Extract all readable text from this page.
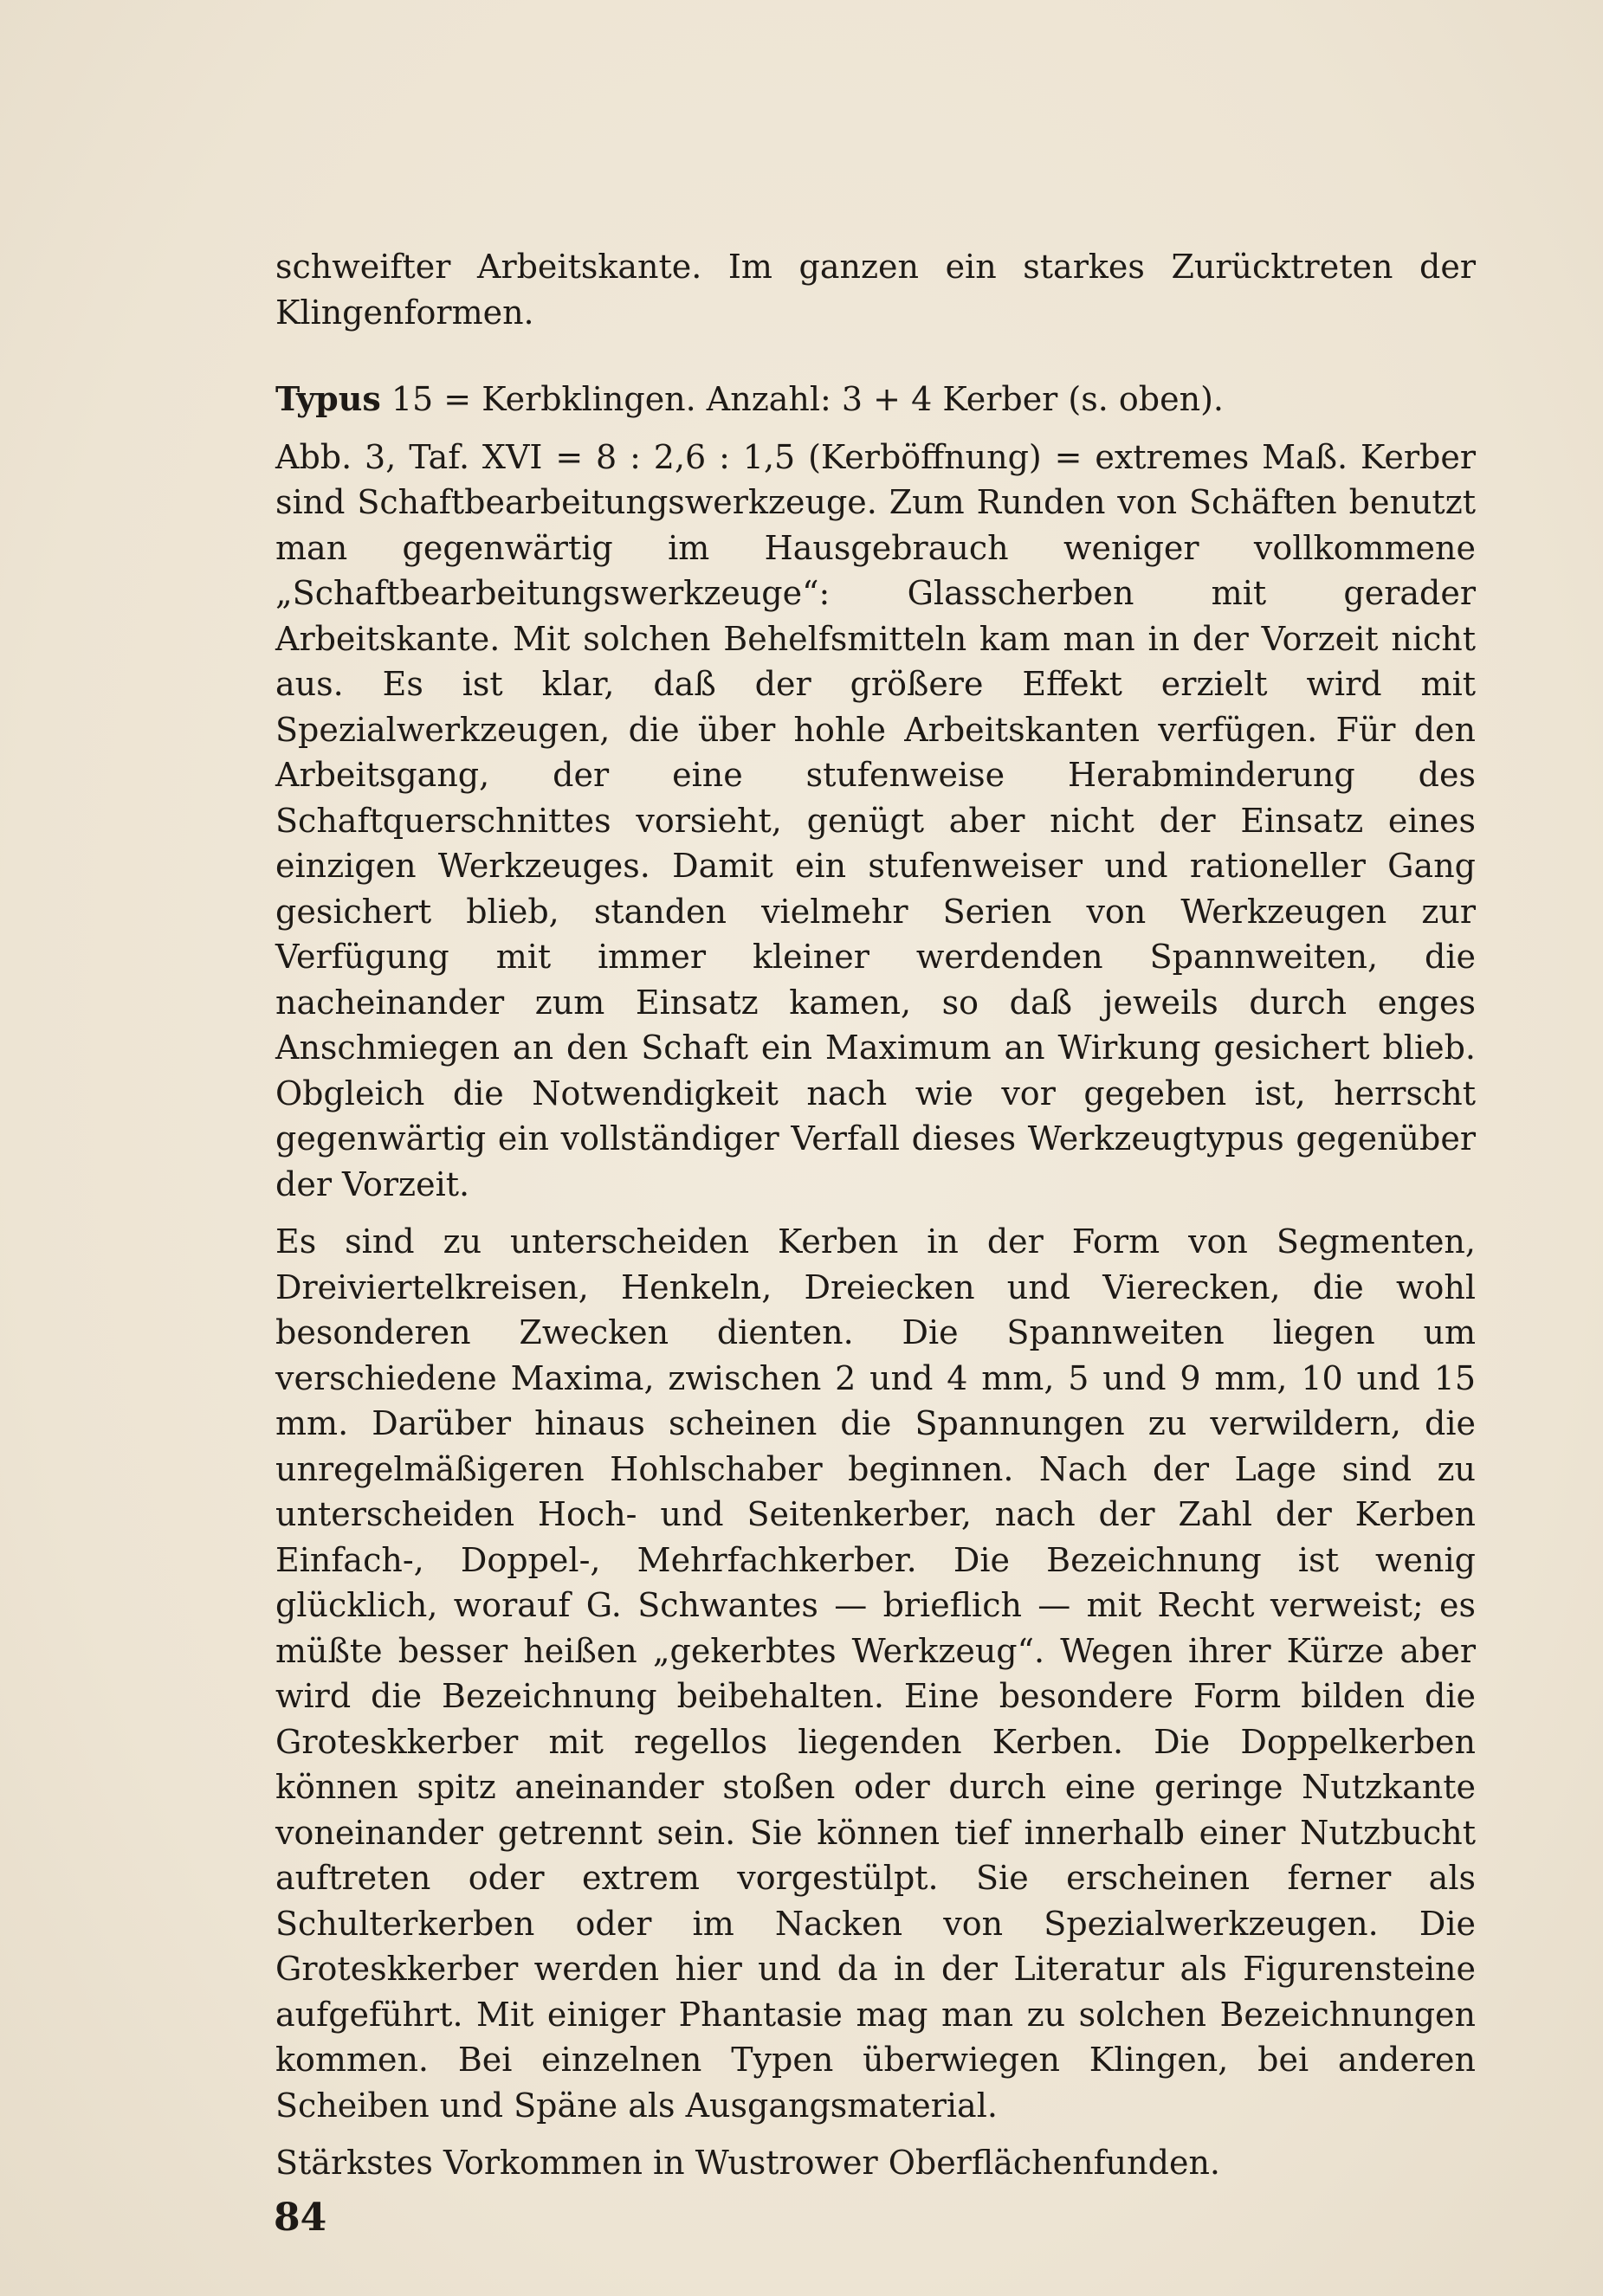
schweifter Arbeitskante. Im ganzen ein starkes Zurücktreten der Klingenformen.

Typus 15 = Kerbklingen. Anzahl: 3 + 4 Kerber (s. oben).

Abb. 3, Taf. XVI = 8 : 2,6 : 1,5 (Kerböffnung) = extremes Maß. Kerber sind Schaftbearbeitungswerkzeuge. Zum Runden von Schäften benutzt man gegenwärtig im Hausgebrauch weniger vollkommene „Schaftbearbeitungswerkzeuge“: Glasscherben mit gerader Arbeitskante. Mit solchen Behelfsmitteln kam man in der Vorzeit nicht aus. Es ist klar, daß der größere Effekt erzielt wird mit Spezialwerkzeugen, die über hohle Arbeitskanten verfügen. Für den Arbeitsgang, der eine stufenweise Herabminderung des Schaftquerschnittes vorsieht, genügt aber nicht der Einsatz eines einzigen Werkzeuges. Damit ein stufenweiser und rationeller Gang gesichert blieb, standen vielmehr Serien von Werkzeugen zur Verfügung mit immer kleiner werdenden Spannweiten, die nacheinander zum Einsatz kamen, so daß jeweils durch enges Anschmiegen an den Schaft ein Maximum an Wirkung gesichert blieb. Obgleich die Notwendigkeit nach wie vor gegeben ist, herrscht gegenwärtig ein vollständiger Verfall dieses Werkzeugtypus gegenüber der Vorzeit.

Es sind zu unterscheiden Kerben in der Form von Segmenten, Dreiviertelkreisen, Henkeln, Dreiecken und Vierecken, die wohl besonderen Zwecken dienten. Die Spannweiten liegen um verschiedene Maxima, zwischen 2 und 4 mm, 5 und 9 mm, 10 und 15 mm. Darüber hinaus scheinen die Spannungen zu verwildern, die unregelmäßigeren Hohlschaber beginnen. Nach der Lage sind zu unterscheiden Hoch- und Seitenkerber, nach der Zahl der Kerben Einfach-, Doppel-, Mehrfachkerber. Die Bezeichnung ist wenig glücklich, worauf G. Schwantes — brieflich — mit Recht verweist; es müßte besser heißen „gekerbtes Werkzeug“. Wegen ihrer Kürze aber wird die Bezeichnung beibehalten. Eine besondere Form bilden die Groteskkerber mit regellos liegenden Kerben. Die Doppelkerben können spitz aneinander stoßen oder durch eine geringe Nutzkante voneinander getrennt sein. Sie können tief innerhalb einer Nutzbucht auftreten oder extrem vorgestülpt. Sie erscheinen ferner als Schulterkerben oder im Nacken von Spezialwerkzeugen. Die Groteskkerber werden hier und da in der Literatur als Figurensteine aufgeführt. Mit einiger Phantasie mag man zu solchen Bezeichnungen kommen. Bei einzelnen Typen überwiegen Klingen, bei anderen Scheiben und Späne als Ausgangsmaterial.

Stärkstes Vorkommen in Wustrower Oberflächenfunden.

84
